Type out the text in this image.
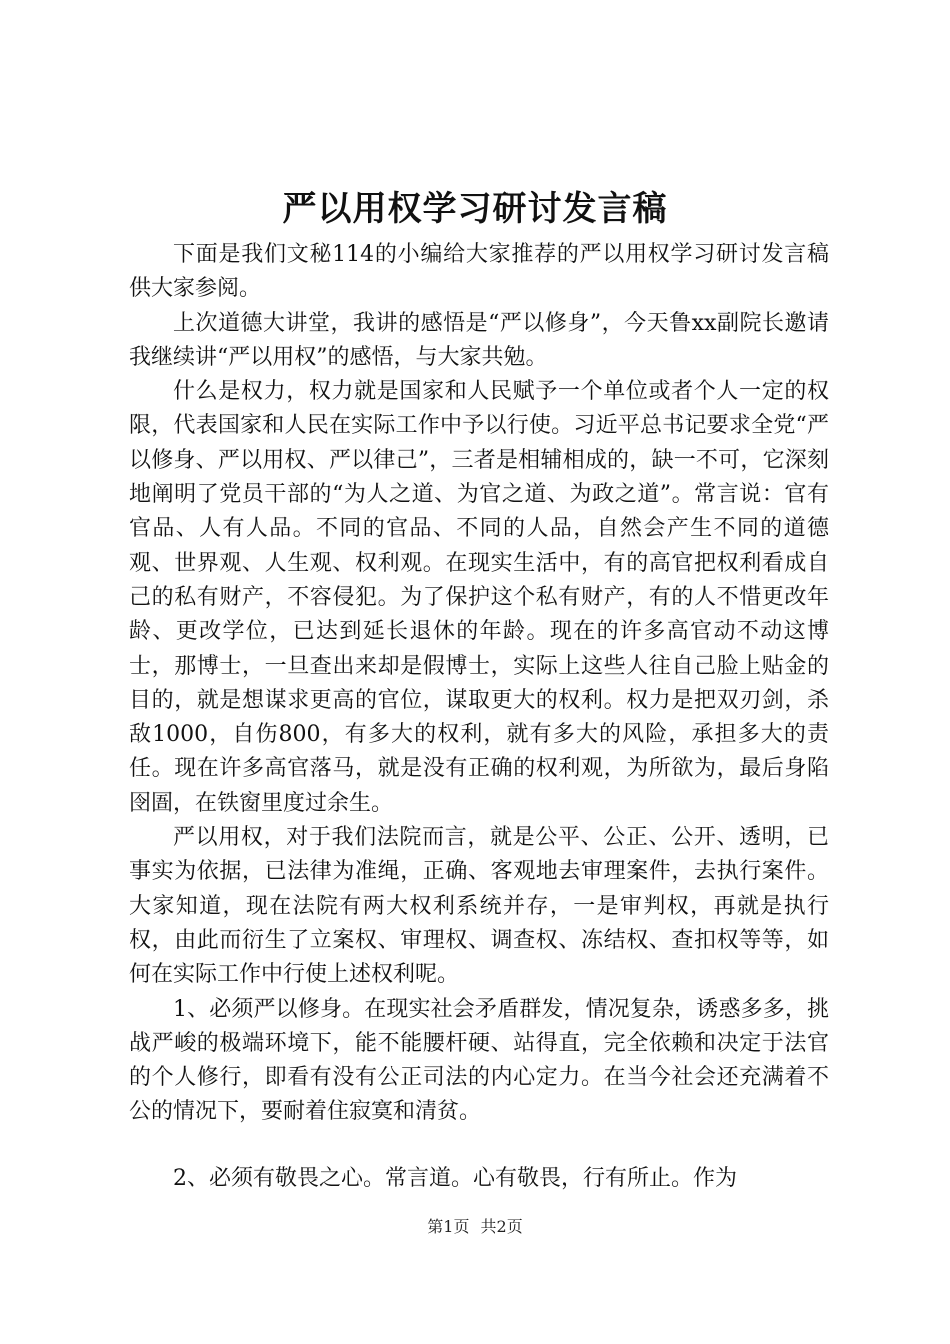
严以用权学习研讨发言稿

下面是我们文秘114的小编给大家推荐的严以用权学习研讨发言稿供大家参阅。

上次道德大讲堂，我讲的感悟是“严以修身”，今天鲁xx副院长邀请我继续讲“严以用权”的感悟，与大家共勉。

什么是权力，权力就是国家和人民赋予一个单位或者个人一定的权限，代表国家和人民在实际工作中予以行使。习近平总书记要求全党“严以修身、严以用权、严以律己”，三者是相辅相成的，缺一不可，它深刻地阐明了党员干部的“为人之道、为官之道、为政之道”。常言说：官有官品、人有人品。不同的官品、不同的人品，自然会产生不同的道德观、世界观、人生观、权利观。在现实生活中，有的高官把权利看成自己的私有财产，不容侵犯。为了保护这个私有财产，有的人不惜更改年龄、更改学位，已达到延长退休的年龄。现在的许多高官动不动这博士，那博士，一旦查出来却是假博士，实际上这些人往自己脸上贴金的目的，就是想谋求更高的官位，谋取更大的权利。权力是把双刃剑，杀敌1000，自伤800，有多大的权利，就有多大的风险，承担多大的责任。现在许多高官落马，就是没有正确的权利观，为所欲为，最后身陷囹圄，在铁窗里度过余生。

严以用权，对于我们法院而言，就是公平、公正、公开、透明，已事实为依据，已法律为准绳，正确、客观地去审理案件，去执行案件。大家知道，现在法院有两大权利系统并存，一是审判权，再就是执行权，由此而衍生了立案权、审理权、调查权、冻结权、查扣权等等，如何在实际工作中行使上述权利呢。

1、必须严以修身。在现实社会矛盾群发，情况复杂，诱惑多多，挑战严峻的极端环境下，能不能腰杆硬、站得直，完全依赖和决定于法官的个人修行，即看有没有公正司法的内心定力。在当今社会还充满着不公的情况下，要耐着住寂寞和清贫。

2、必须有敬畏之心。常言道。心有敬畏，行有所止。作为

第1页 共2页
